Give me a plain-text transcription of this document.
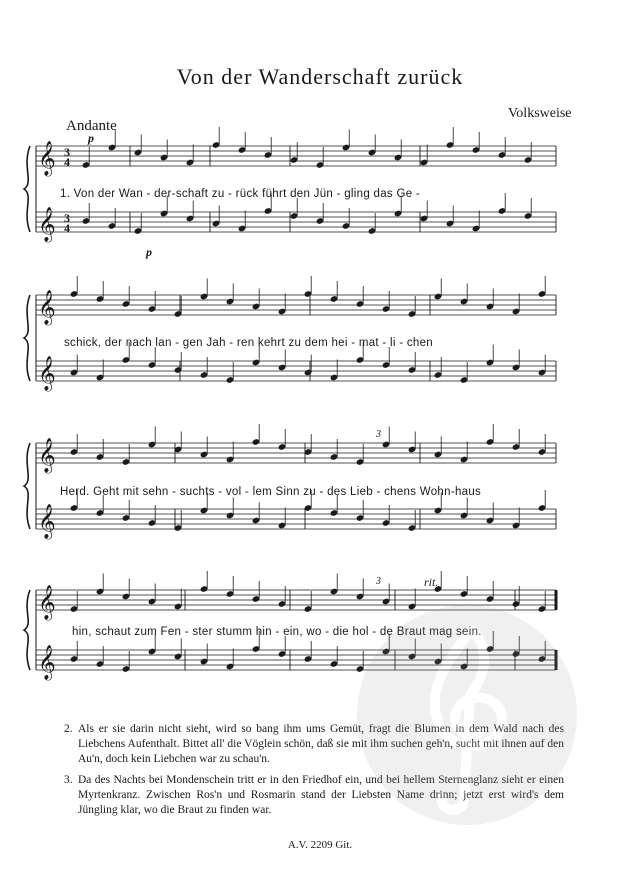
Von der Wanderschaft zurück
Andante
Volksweise
𝄞 3
4
𝄞 3
4
𝄞
𝄞
𝄞
𝄞
𝄞
𝄞
p
p
rit.
3
3
1. Von der Wan - der-schaft zu - rück führt den Jün - gling das Ge -
schick, der nach lan - gen Jah - ren kehrt zu dem hei - mat - li - chen
Herd. Geht mit sehn - suchts - vol - lem Sinn zu - des Lieb - chens Wohn-haus
hin, schaut zum Fen - ster stumm hin - ein, wo - die hol - de Braut mag sein.

2. Als er sie darin nicht sieht, wird so bang ihm ums Gemüt, fragt die Blumen in dem Wald nach des Liebchens Aufenthalt. Bittet all' die Vöglein schön, daß sie mit ihm suchen geh'n, sucht mit ihnen auf den Au'n, doch kein Liebchen war zu schau'n.

3. Da des Nachts bei Mondenschein tritt er in den Friedhof ein, und bei hellem Sternenglanz sieht er einen Myrtenkranz. Zwischen Ros'n und Rosmarin stand der Liebsten Name drinn; jetzt erst wird's dem Jüngling klar, wo die Braut zu finden war.

A.V. 2209 Git.
